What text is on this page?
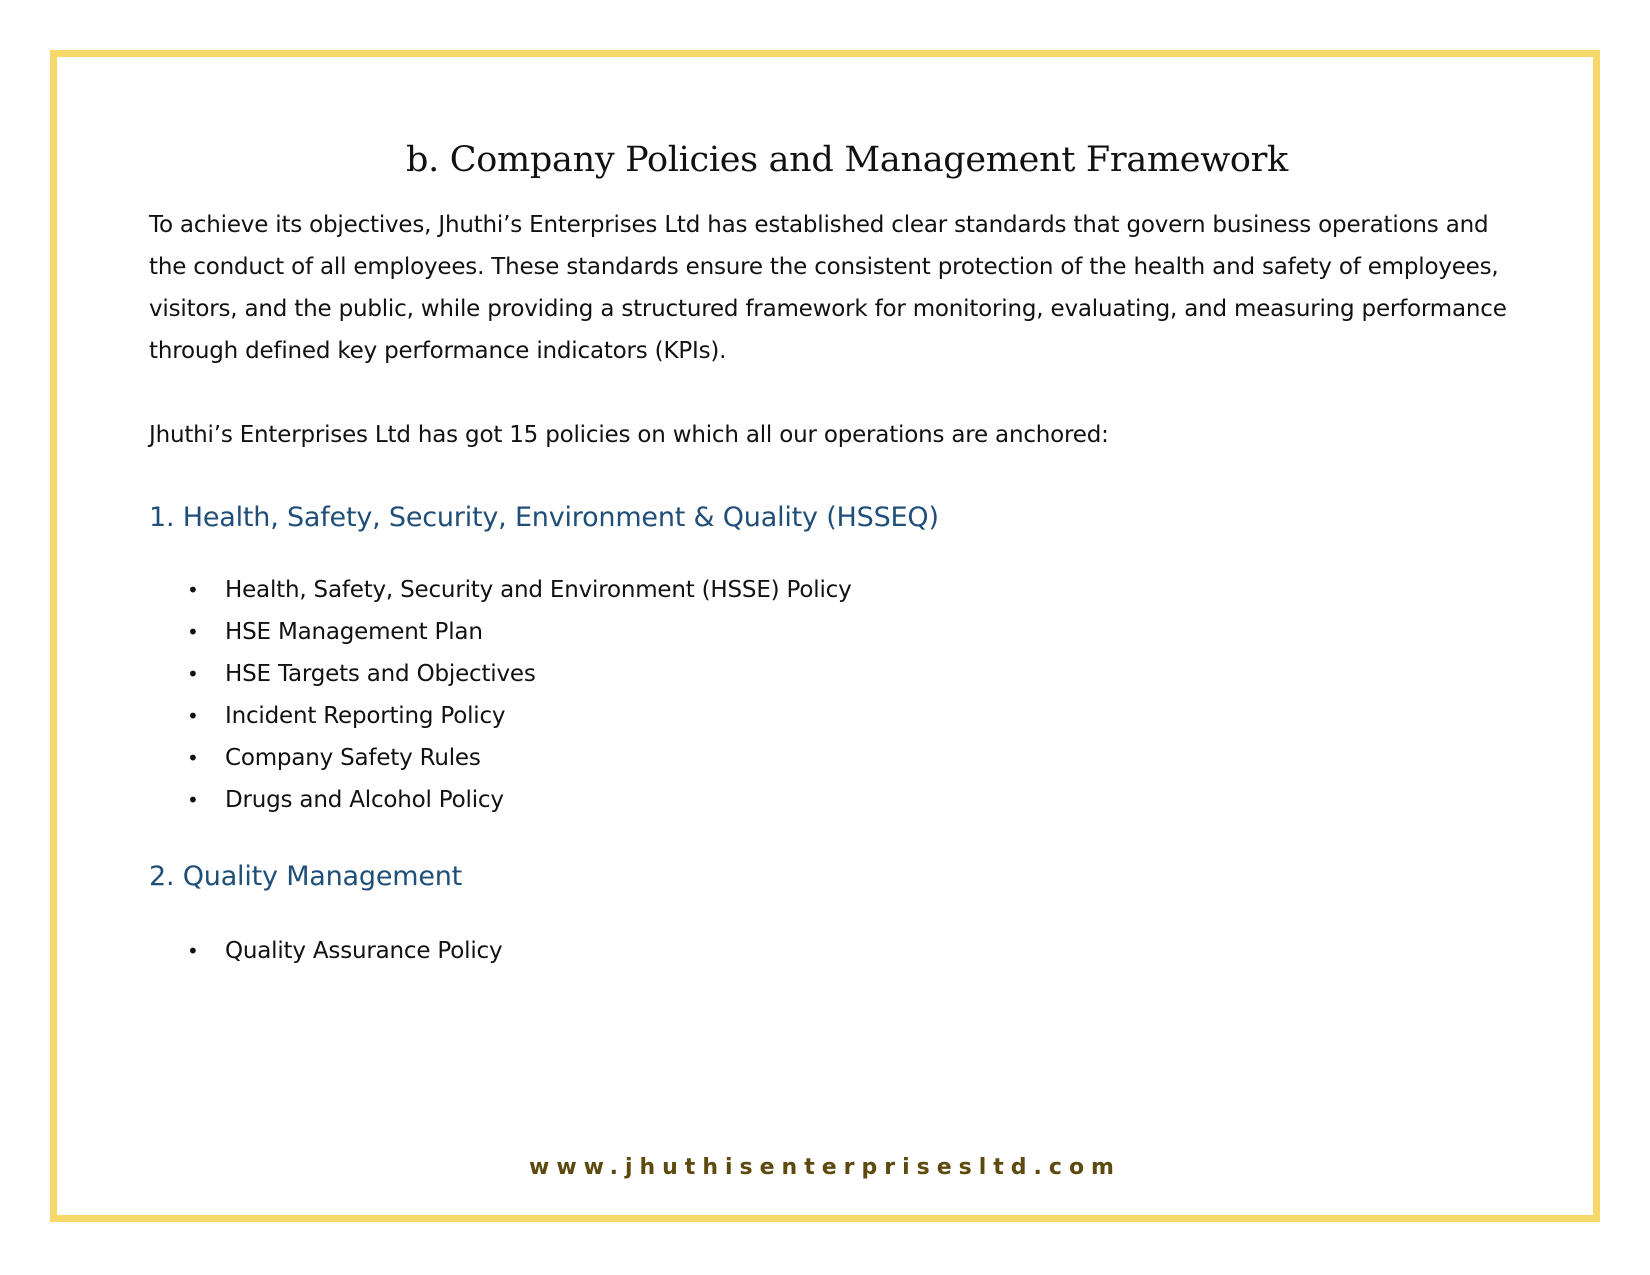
b. Company Policies and Management Framework

To achieve its objectives, Jhuthi’s Enterprises Ltd has established clear standards that govern business operations and

the conduct of all employees. These standards ensure the consistent protection of the health and safety of employees,

visitors, and the public, while providing a structured framework for monitoring, evaluating, and measuring performance

through defined key performance indicators (KPIs).

Jhuthi’s Enterprises Ltd has got 15 policies on which all our operations are anchored:

1. Health, Safety, Security, Environment & Quality (HSSEQ)
• Health, Safety, Security and Environment (HSSE) Policy
• HSE Management Plan
• HSE Targets and Objectives
• Incident Reporting Policy
• Company Safety Rules
• Drugs and Alcohol Policy
2. Quality Management
• Quality Assurance Policy
www.jhuthisenterprisesltd.com
